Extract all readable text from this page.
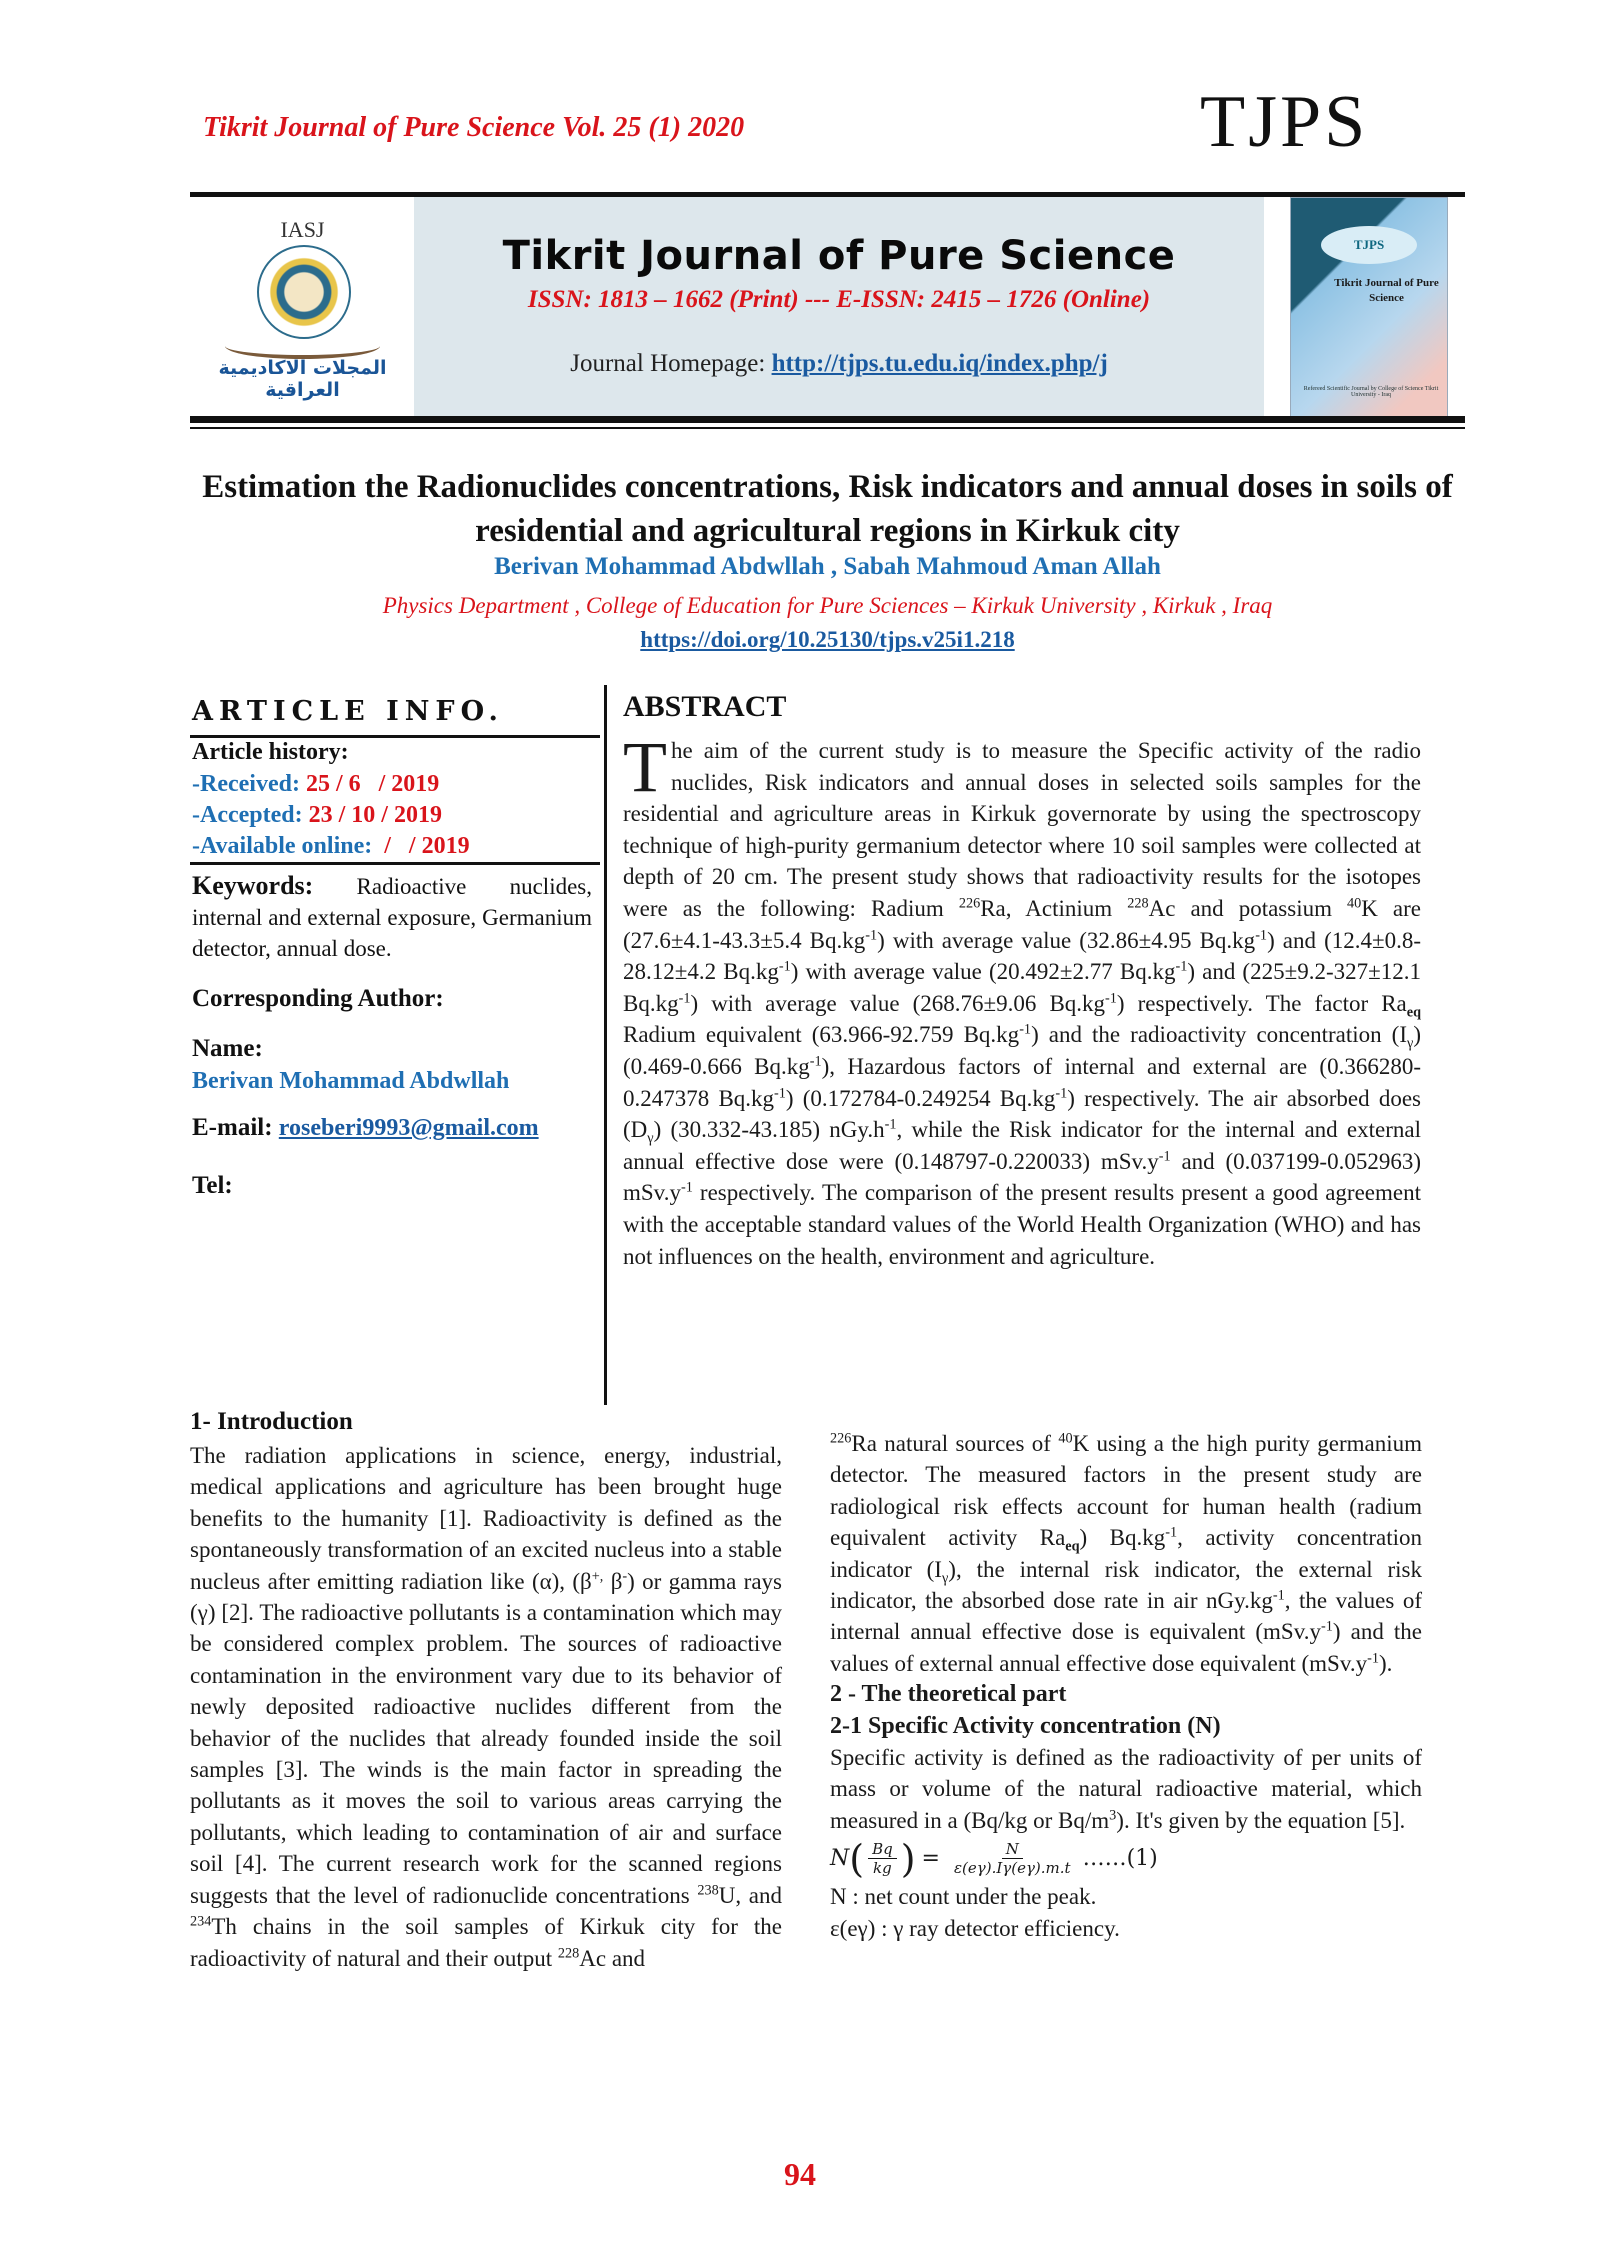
Tikrit Journal of Pure Science Vol. 25 (1) 2020	TJPS
IASJ
المجلات الاكاديمية العراقية
Tikrit Journal of Pure Science
ISSN: 1813 – 1662 (Print) --- E-ISSN: 2415 – 1726 (Online)
Journal Homepage: http://tjps.tu.edu.iq/index.php/j
TJPS
Tikrit Journal of Pure Science
Refereed Scientific Journal by College of Science Tikrit University - Iraq
Estimation the Radionuclides concentrations, Risk indicators and annual doses in soils of residential and agricultural regions in Kirkuk city
Berivan Mohammad Abdwllah , Sabah Mahmoud Aman Allah
Physics Department , College of Education for Pure Sciences – Kirkuk University , Kirkuk , Iraq
https://doi.org/10.25130/tjps.v25i1.218
ARTICLE INFO.
Article history:
-Received: 25 / 6   / 2019
-Accepted: 23 / 10 / 2019
-Available online:  /   / 2019
Keywords: Radioactive nuclides, internal and external exposure, Germanium detector, annual dose.
Corresponding Author:
Name:
Berivan Mohammad Abdwllah
E-mail: roseberi9993@gmail.com
Tel:
ABSTRACT
The aim of the current study is to measure the Specific activity of the radio nuclides, Risk indicators and annual doses in selected soils samples for the residential and agriculture areas in Kirkuk governorate by using the spectroscopy technique of high-purity germanium detector where 10 soil samples were collected at depth of 20 cm. The present study shows that radioactivity results for the isotopes were as the following: Radium $^{226}$Ra, Actinium $^{228}$Ac and potassium $^{40}$K are (27.6±4.1-43.3±5.4 $Bq.kg^{-1}$) with average value (32.86±4.95 $Bq.kg^{-1}$) and (12.4±0.8-28.12±4.2 $Bq.kg^{-1}$) with average value (20.492±2.77 $Bq.kg^{-1}$) and (225±9.2-327±12.1 $Bq.kg^{-1}$) with average value (268.76±9.06 $Bq.kg^{-1}$) respectively. The factor $Ra_{eq}$ Radium equivalent (63.966-92.759 $Bq.kg^{-1}$) and the radioactivity concentration $(I_\gamma)$ (0.469-0.666 $Bq.kg^{-1}$), Hazardous factors of internal and external are (0.366280-0.247378 $Bq.kg^{-1}$) (0.172784-0.249254 $Bq.kg^{-1}$) respectively. The air absorbed does $(D_\gamma)$ (30.332-43.185) $nGy.h^{-1}$, while the Risk indicator for the internal and external annual effective dose were (0.148797-0.220033) $mSv.y^{-1}$ and (0.037199-0.052963) $mSv.y^{-1}$ respectively. The comparison of the present results present a good agreement with the acceptable standard values of the World Health Organization (WHO) and has not influences on the health, environment and agriculture.
1- Introduction
The radiation applications in science, energy, industrial, medical applications and agriculture has been brought huge benefits to the humanity [1]. Radioactivity is defined as the spontaneously transformation of an excited nucleus into a stable nucleus after emitting radiation like (α), (β+, β-) or gamma rays (γ) [2]. The radioactive pollutants is a contamination which may be considered complex problem. The sources of radioactive contamination in the environment vary due to its behavior of newly deposited radioactive nuclides different from the behavior of the nuclides that already founded inside the soil samples [3]. The winds is the main factor in spreading the pollutants as it moves the soil to various areas carrying the pollutants, which leading to contamination of air and surface soil [4]. The current research work for the scanned regions suggests that the level of radionuclide concentrations $^{238}$U, and $^{234}$Th chains in the soil samples of Kirkuk city for the radioactivity of natural and their output $^{228}$Ac and
$^{226}$Ra natural sources of $^{40}$K using a the high purity germanium detector. The measured factors in the present study are radiological risk effects account for human health (radium equivalent activity $Ra_{eq}$) $Bq.kg^{-1}$, activity concentration indicator $(I_\gamma)$, the internal risk indicator, the external risk indicator, the absorbed dose rate in air $nGy.kg^{-1}$, the values of internal annual effective dose is equivalent $(mSv.y^{-1})$ and the values of external annual effective dose equivalent $(mSv.y^{-1})$.
2 - The theoretical part
2-1 Specific Activity concentration (N)
Specific activity is defined as the radioactivity of per units of mass or volume of the natural radioactive material, which measured in a (Bq/kg or $Bq/m^3$). It's given by the equation [5].
N ( $\frac{Bq}{kg}$ ) = $\frac{N}{\varepsilon(e\gamma).I\gamma(e\gamma).m.t}$ ……(1)
N : net count under the peak.
ε(eγ) : γ ray detector efficiency.
94
